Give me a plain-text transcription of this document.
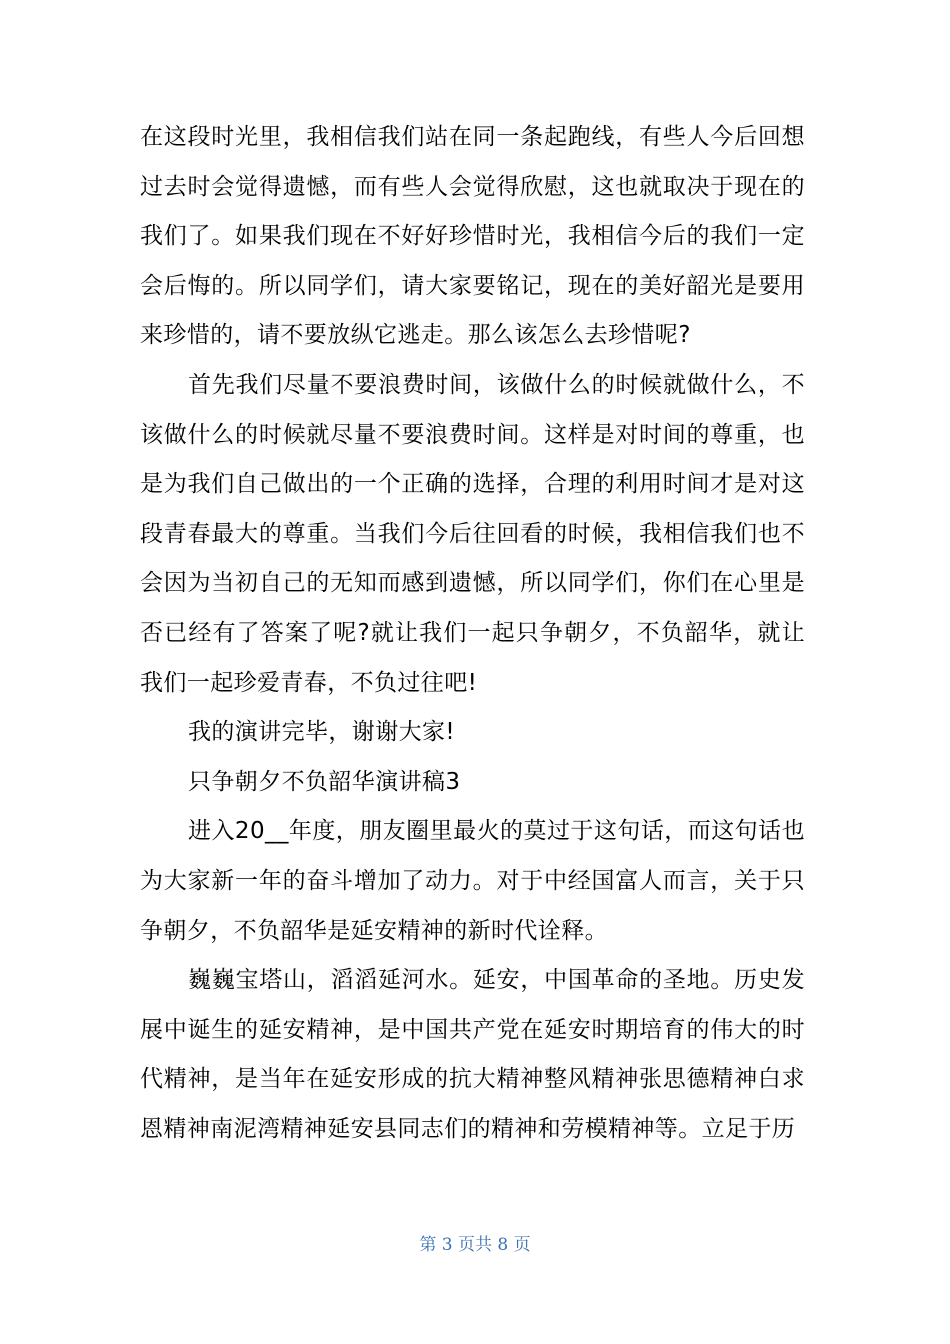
在这段时光里，我相信我们站在同一条起跑线，有些人今后回想过去时会觉得遗憾，而有些人会觉得欣慰，这也就取决于现在的我们了。如果我们现在不好好珍惜时光，我相信今后的我们一定会后悔的。所以同学们，请大家要铭记，现在的美好韶光是要用来珍惜的，请不要放纵它逃走。那么该怎么去珍惜呢?

首先我们尽量不要浪费时间，该做什么的时候就做什么，不该做什么的时候就尽量不要浪费时间。这样是对时间的尊重，也是为我们自己做出的一个正确的选择，合理的利用时间才是对这段青春最大的尊重。当我们今后往回看的时候，我相信我们也不会因为当初自己的无知而感到遗憾，所以同学们，你们在心里是否已经有了答案了呢?就让我们一起只争朝夕，不负韶华，就让我们一起珍爱青春，不负过往吧!

我的演讲完毕，谢谢大家!

只争朝夕不负韶华演讲稿3

进入20__年度，朋友圈里最火的莫过于这句话，而这句话也为大家新一年的奋斗增加了动力。对于中经国富人而言，关于只争朝夕，不负韶华是延安精神的新时代诠释。

巍巍宝塔山，滔滔延河水。延安，中国革命的圣地。历史发展中诞生的延安精神，是中国共产党在延安时期培育的伟大的时代精神，是当年在延安形成的抗大精神整风精神张思德精神白求恩精神南泥湾精神延安县同志们的精神和劳模精神等。立足于历

第 3 页共 8 页
